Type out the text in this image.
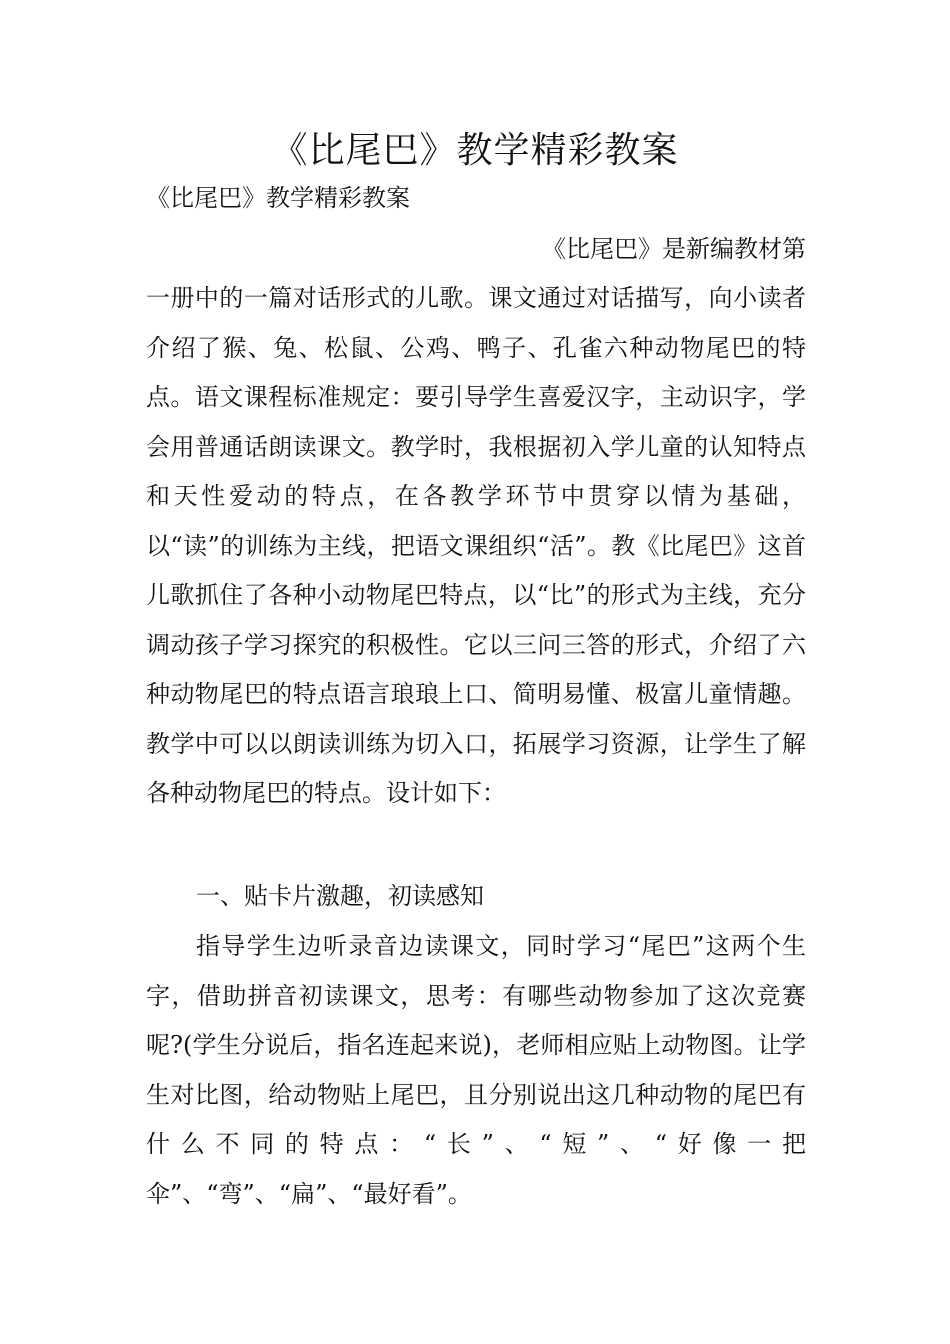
《比尾巴》教学精彩教案

《比尾巴》教学精彩教案

《比尾巴》是新编教材第

一册中的一篇对话形式的儿歌。课文通过对话描写，向小读者介绍了猴、兔、松鼠、公鸡、鸭子、孔雀六种动物尾巴的特点。语文课程标准规定：要引导学生喜爱汉字，主动识字，学会用普通话朗读课文。教学时，我根据初入学儿童的认知特点和天性爱动的特点，在各教学环节中贯穿以情为基础，以“读”的训练为主线，把语文课组织“活”。教《比尾巴》这首儿歌抓住了各种小动物尾巴特点，以“比”的形式为主线，充分调动孩子学习探究的积极性。它以三问三答的形式，介绍了六种动物尾巴的特点语言琅琅上口、简明易懂、极富儿童情趣。教学中可以以朗读训练为切入口，拓展学习资源，让学生了解各种动物尾巴的特点。设计如下：

一、贴卡片激趣，初读感知

指导学生边听录音边读课文，同时学习“尾巴”这两个生字，借助拼音初读课文，思考：有哪些动物参加了这次竞赛呢?(学生分说后，指名连起来说)，老师相应贴上动物图。让学生对比图，给动物贴上尾巴，且分别说出这几种动物的尾巴有什么不同的特点：“长”、“短”、“好像一把伞”、“弯”、“扁”、“最好看”。
